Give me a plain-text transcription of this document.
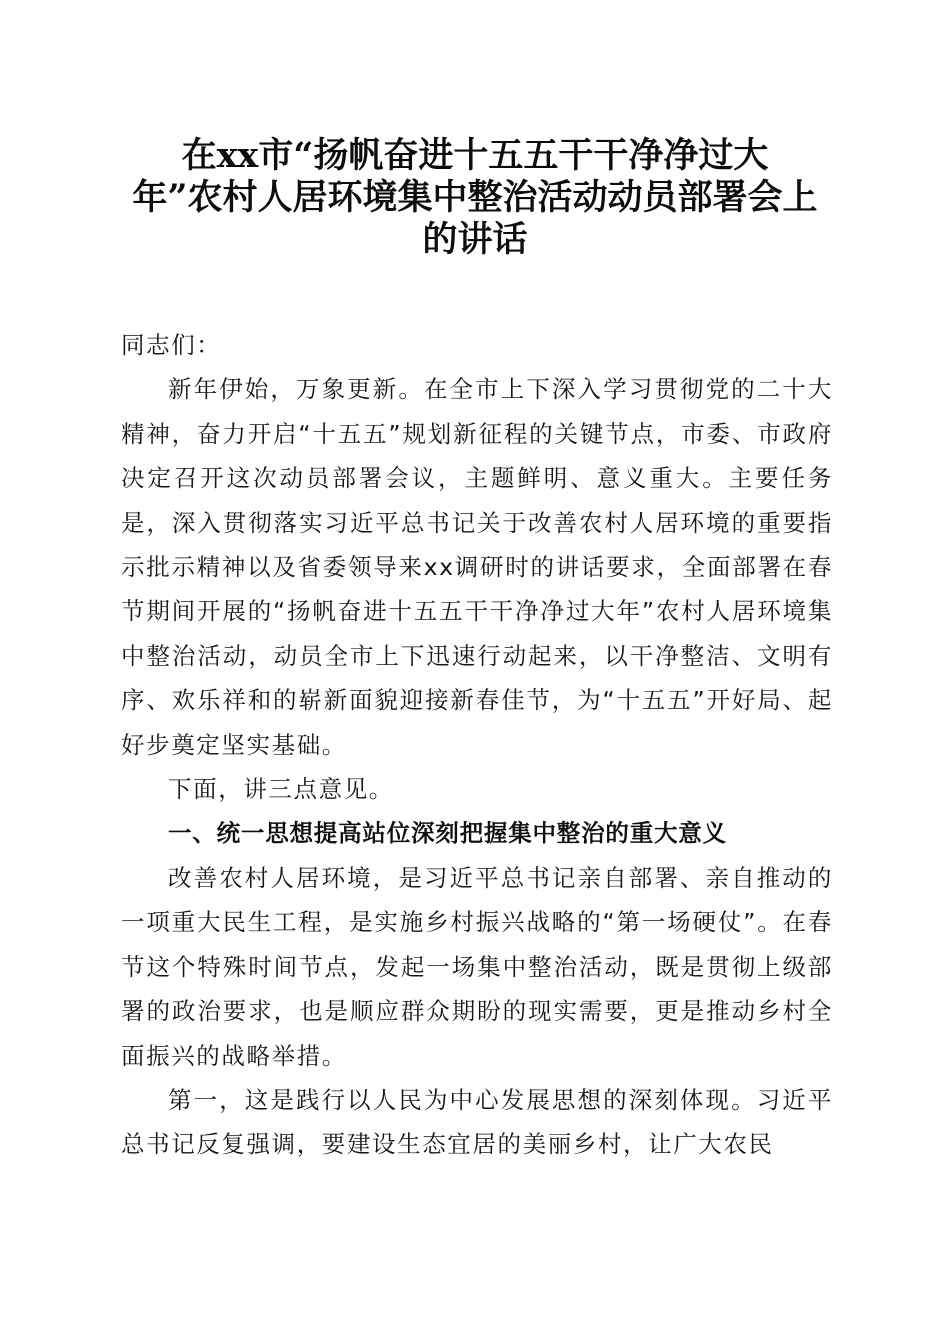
在xx市“扬帆奋进十五五干干净净过大
年”农村人居环境集中整治活动动员部署会上
的讲话

同志们：

新年伊始，万象更新。在全市上下深入学习贯彻党的二十大精神，奋力开启“十五五”规划新征程的关键节点，市委、市政府决定召开这次动员部署会议，主题鲜明、意义重大。主要任务是，深入贯彻落实习近平总书记关于改善农村人居环境的重要指示批示精神以及省委领导来xx调研时的讲话要求，全面部署在春节期间开展的“扬帆奋进十五五干干净净过大年”农村人居环境集中整治活动，动员全市上下迅速行动起来，以干净整洁、文明有序、欢乐祥和的崭新面貌迎接新春佳节，为“十五五”开好局、起好步奠定坚实基础。

下面，讲三点意见。

一、统一思想提高站位深刻把握集中整治的重大意义

改善农村人居环境，是习近平总书记亲自部署、亲自推动的一项重大民生工程，是实施乡村振兴战略的“第一场硬仗”。在春节这个特殊时间节点，发起一场集中整治活动，既是贯彻上级部署的政治要求，也是顺应群众期盼的现实需要，更是推动乡村全面振兴的战略举措。

第一，这是践行以人民为中心发展思想的深刻体现。习近平总书记反复强调，要建设生态宜居的美丽乡村，让广大农民
